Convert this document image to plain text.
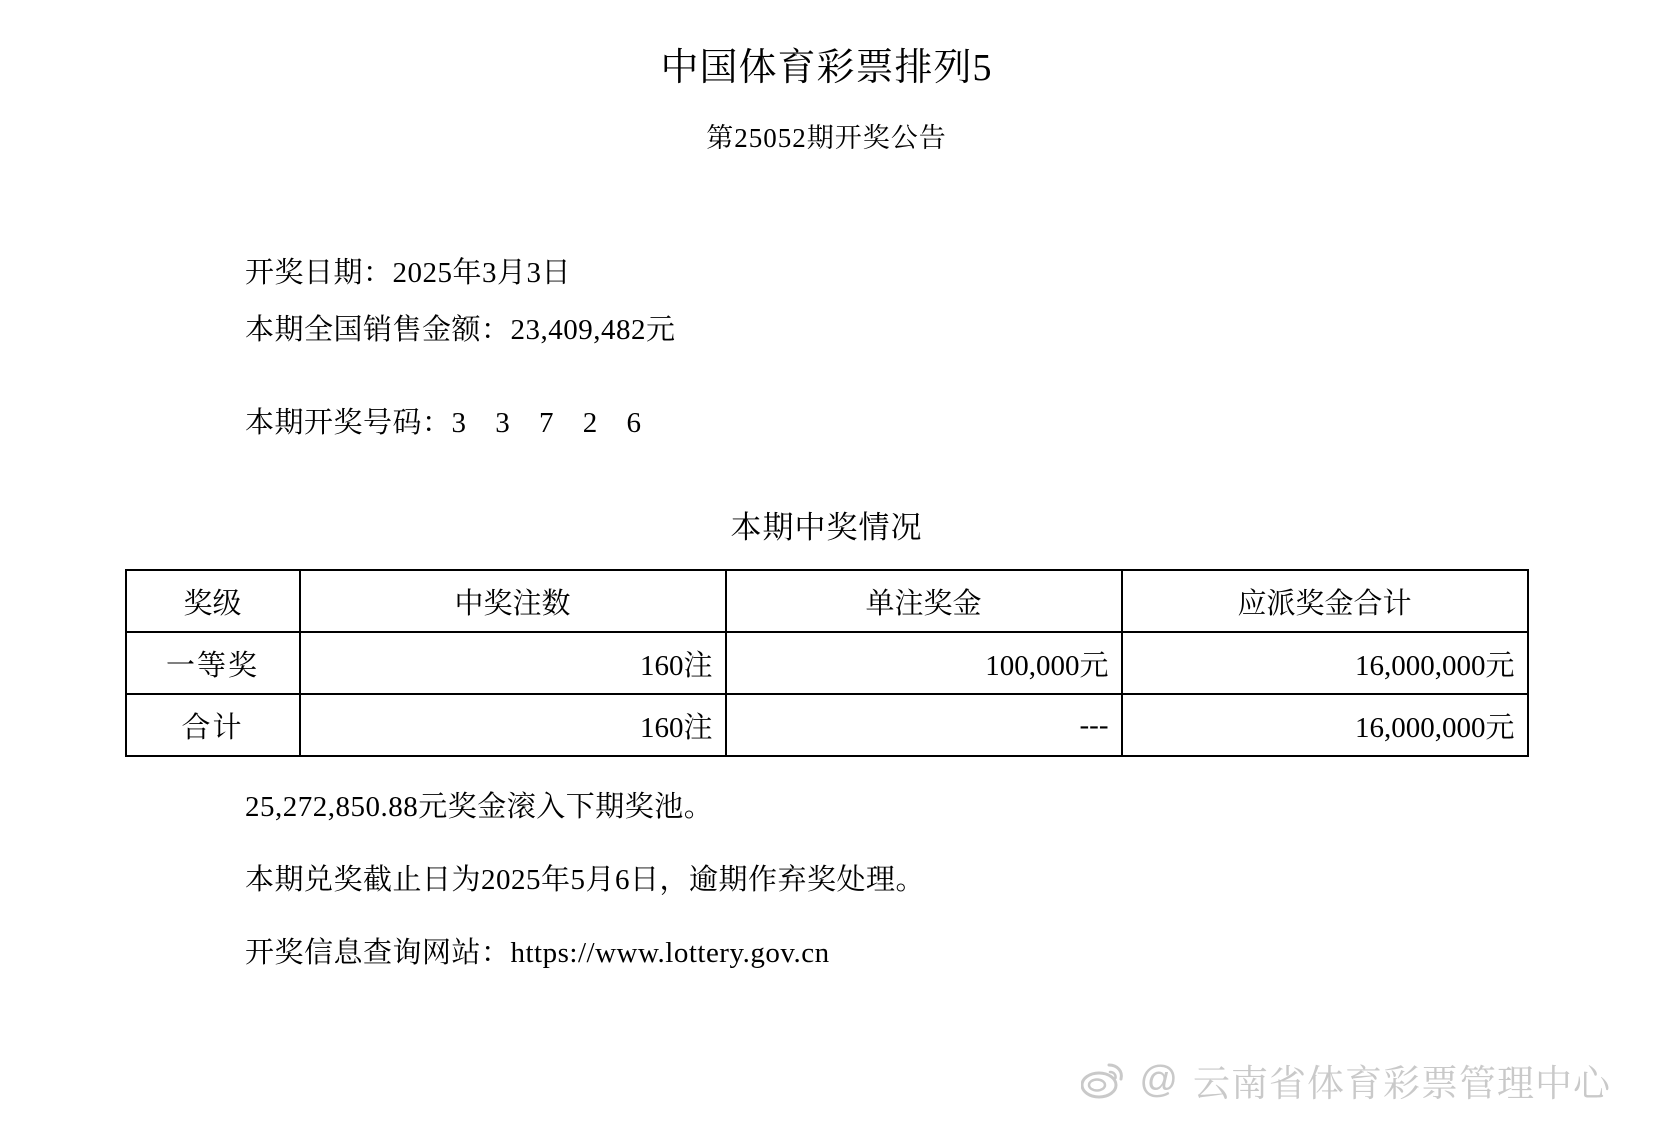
中国体育彩票排列5
第25052期开奖公告
开奖日期：2025年3月3日
本期全国销售金额：23,409,482元
本期开奖号码：3 3 7 2 6
本期中奖情况
奖级	中奖注数	单注奖金	应派奖金合计
一等奖	160注	100,000元	16,000,000元
合计	160注	---	16,000,000元
25,272,850.88元奖金滚入下期奖池。
本期兑奖截止日为2025年5月6日，逾期作弃奖处理。
开奖信息查询网站：https://www.lottery.gov.cn
@ 云南省体育彩票管理中心
